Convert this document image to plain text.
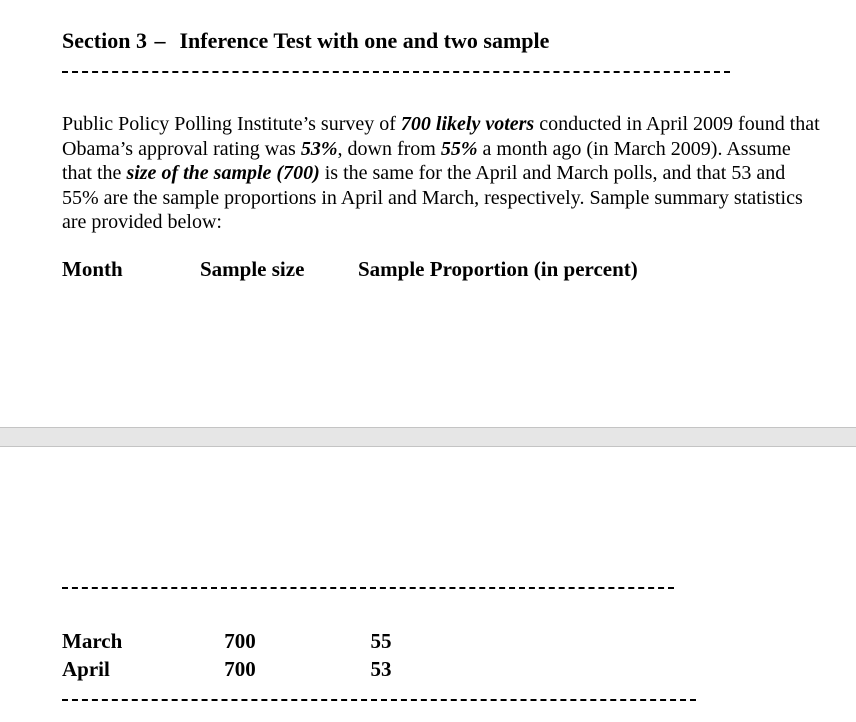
Section 3 – Inference Test with one and two sample

Public Policy Polling Institute’s survey of 700 likely voters conducted in April 2009 found that Obama’s approval rating was 53%, down from 55% a month ago (in March 2009). Assume that the size of the sample (700) is the same for the April and March polls, and that 53 and 55% are the sample proportions in April and March, respectively. Sample summary statistics are provided below:

Month	Sample size	Sample Proportion (in percent)
March	700	55
April	700	53
